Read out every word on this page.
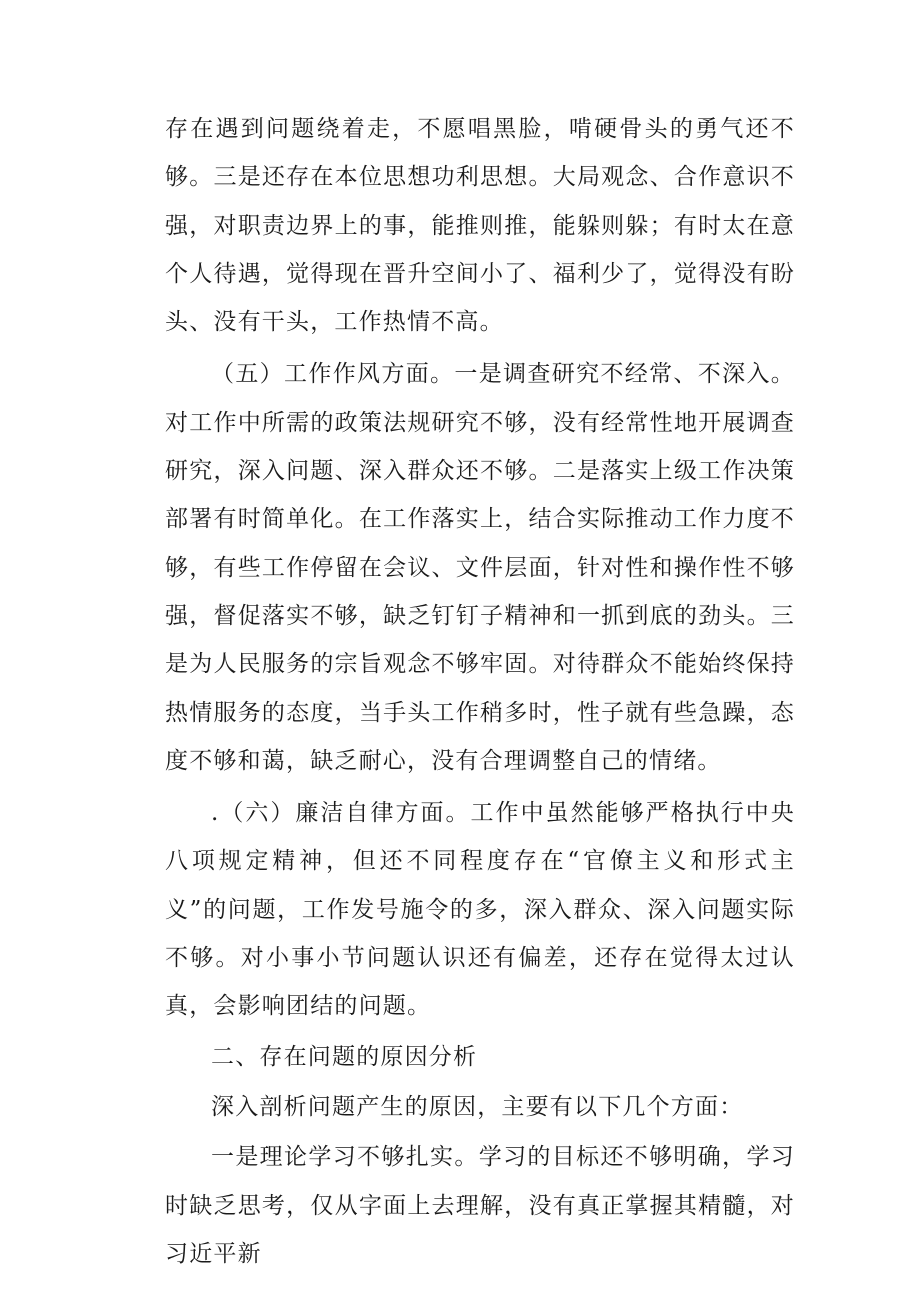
存在遇到问题绕着走，不愿唱黑脸，啃硬骨头的勇气还不够。三是还存在本位思想功利思想。大局观念、合作意识不强，对职责边界上的事，能推则推，能躲则躲；有时太在意个人待遇，觉得现在晋升空间小了、福利少了，觉得没有盼头、没有干头，工作热情不高。

（五）工作作风方面。一是调查研究不经常、不深入。对工作中所需的政策法规研究不够，没有经常性地开展调查研究，深入问题、深入群众还不够。二是落实上级工作决策部署有时简单化。在工作落实上，结合实际推动工作力度不够，有些工作停留在会议、文件层面，针对性和操作性不够强，督促落实不够，缺乏钉钉子精神和一抓到底的劲头。三是为人民服务的宗旨观念不够牢固。对待群众不能始终保持热情服务的态度，当手头工作稍多时，性子就有些急躁，态度不够和蔼，缺乏耐心，没有合理调整自己的情绪。

.（六）廉洁自律方面。工作中虽然能够严格执行中央八项规定精神，但还不同程度存在“官僚主义和形式主义”的问题，工作发号施令的多，深入群众、深入问题实际不够。对小事小节问题认识还有偏差，还存在觉得太过认真，会影响团结的问题。

二、存在问题的原因分析

深入剖析问题产生的原因，主要有以下几个方面：

一是理论学习不够扎实。学习的目标还不够明确，学习时缺乏思考，仅从字面上去理解，没有真正掌握其精髓，对习近平新
